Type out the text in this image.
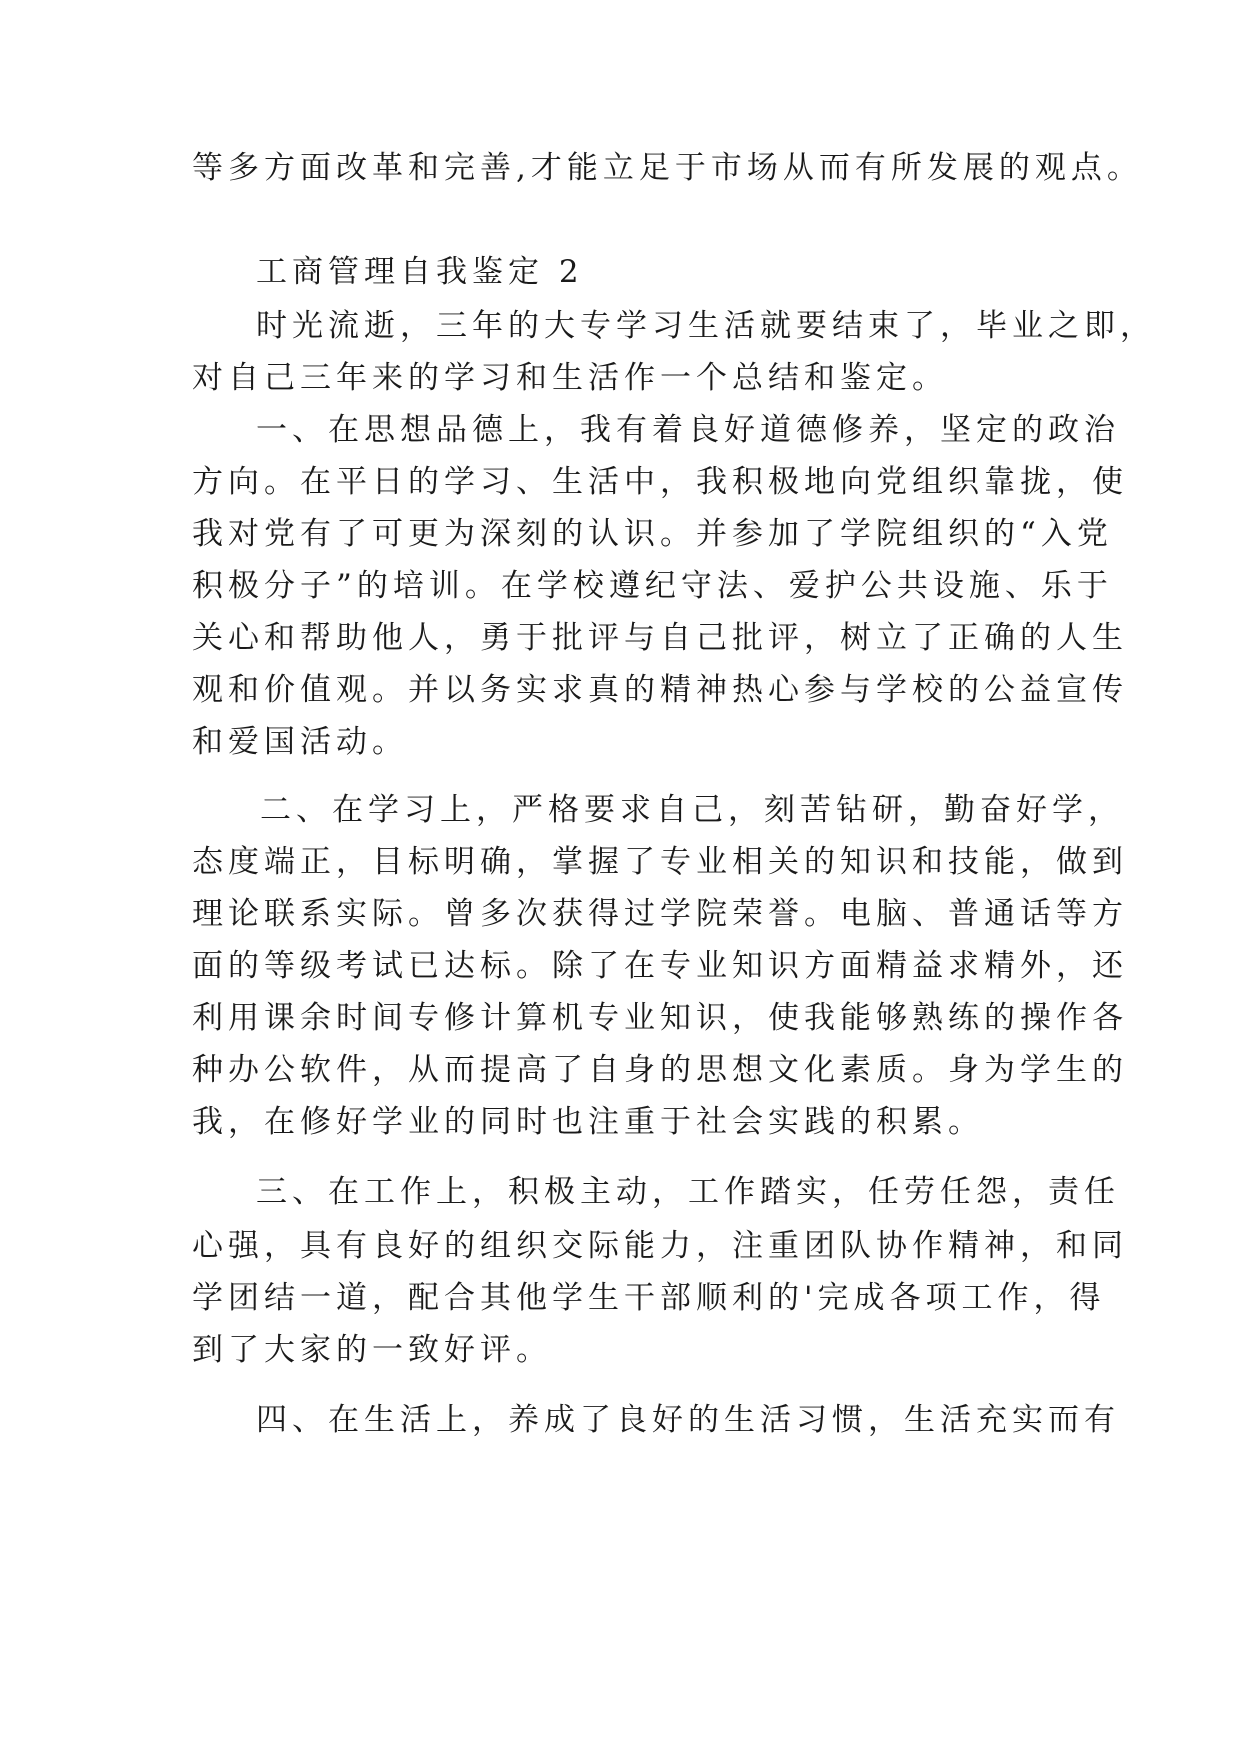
等多方面改革和完善,才能立足于市场从而有所发展的观点。
工商管理自我鉴定 2
时光流逝，三年的大专学习生活就要结束了，毕业之即，
对自己三年来的学习和生活作一个总结和鉴定。
一、在思想品德上，我有着良好道德修养，坚定的政治
方向。在平日的学习、生活中，我积极地向党组织靠拢，使
我对党有了可更为深刻的认识。并参加了学院组织的“入党
积极分子”的培训。在学校遵纪守法、爱护公共设施、乐于
关心和帮助他人，勇于批评与自己批评，树立了正确的人生
观和价值观。并以务实求真的精神热心参与学校的公益宣传
和爱国活动。
二、在学习上，严格要求自己，刻苦钻研，勤奋好学，
态度端正，目标明确，掌握了专业相关的知识和技能，做到
理论联系实际。曾多次获得过学院荣誉。电脑、普通话等方
面的等级考试已达标。除了在专业知识方面精益求精外，还
利用课余时间专修计算机专业知识，使我能够熟练的操作各
种办公软件，从而提高了自身的思想文化素质。身为学生的
我，在修好学业的同时也注重于社会实践的积累。
三、在工作上，积极主动，工作踏实，任劳任怨，责任
心强，具有良好的组织交际能力，注重团队协作精神，和同
学团结一道，配合其他学生干部顺利的'完成各项工作，得
到了大家的一致好评。
四、在生活上，养成了良好的生活习惯，生活充实而有
